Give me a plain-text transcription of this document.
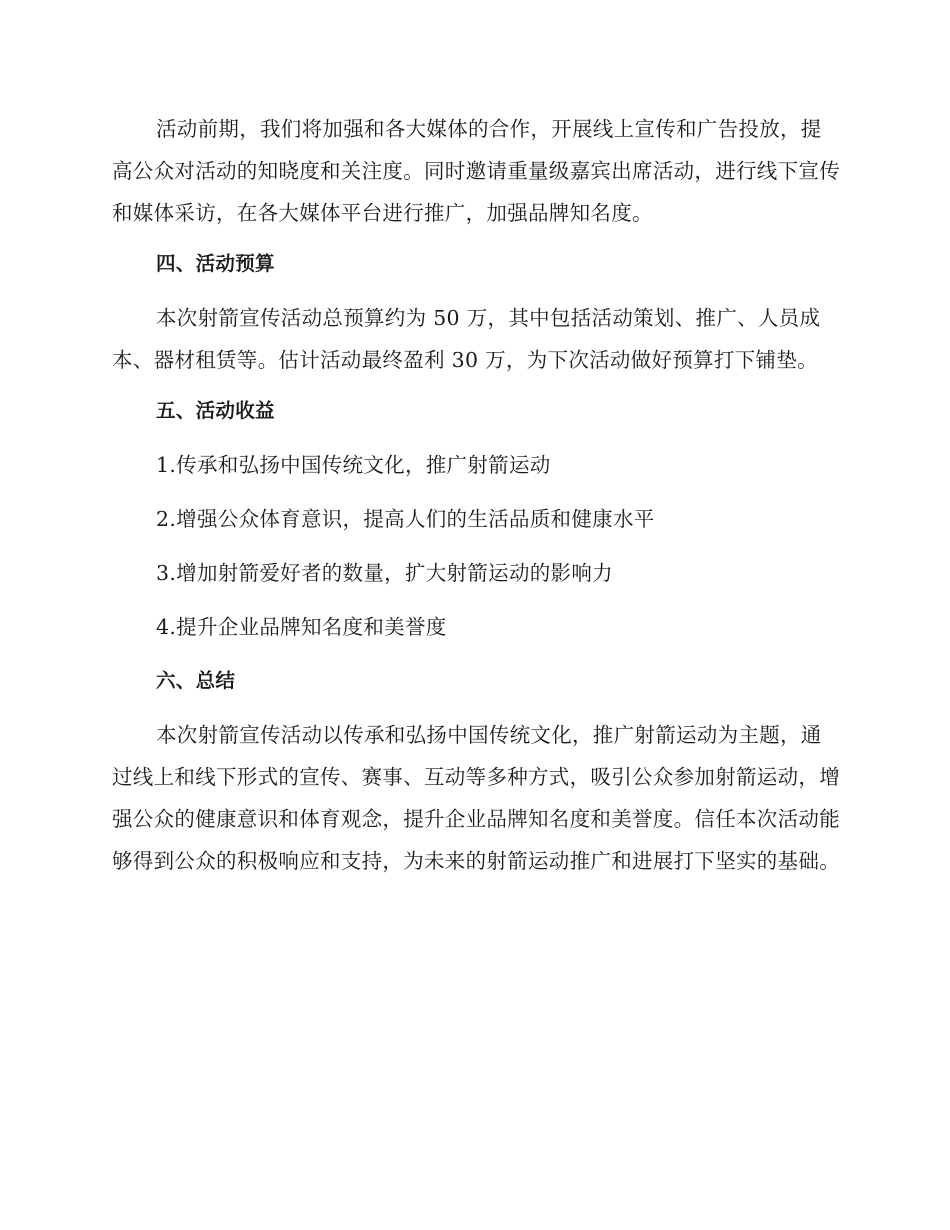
活动前期，我们将加强和各大媒体的合作，开展线上宣传和广告投放，提高公众对活动的知晓度和关注度。同时邀请重量级嘉宾出席活动，进行线下宣传和媒体采访，在各大媒体平台进行推广，加强品牌知名度。

四、活动预算

本次射箭宣传活动总预算约为 50 万，其中包括活动策划、推广、人员成本、器材租赁等。估计活动最终盈利 30 万，为下次活动做好预算打下铺垫。

五、活动收益

1.传承和弘扬中国传统文化，推广射箭运动

2.增强公众体育意识，提高人们的生活品质和健康水平

3.增加射箭爱好者的数量，扩大射箭运动的影响力

4.提升企业品牌知名度和美誉度

六、总结

本次射箭宣传活动以传承和弘扬中国传统文化，推广射箭运动为主题，通过线上和线下形式的宣传、赛事、互动等多种方式，吸引公众参加射箭运动，增强公众的健康意识和体育观念，提升企业品牌知名度和美誉度。信任本次活动能够得到公众的积极响应和支持，为未来的射箭运动推广和进展打下坚实的基础。
